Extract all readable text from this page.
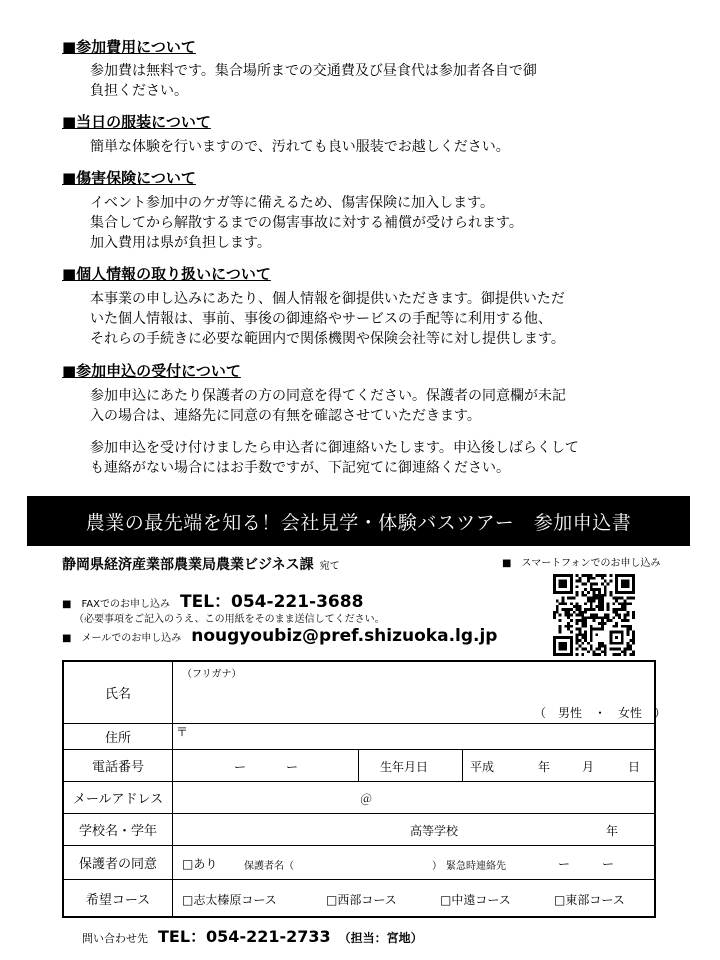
■参加費用について
参加費は無料です。集合場所までの交通費及び昼食代は参加者各自で御
負担ください。
■当日の服装について
簡単な体験を行いますので、汚れても良い服装でお越しください。
■傷害保険について
イベント参加中のケガ等に備えるため、傷害保険に加入します。
集合してから解散するまでの傷害事故に対する補償が受けられます。
加入費用は県が負担します。
■個人情報の取り扱いについて
本事業の申し込みにあたり、個人情報を御提供いただきます。御提供いただ
いた個人情報は、事前、事後の御連絡やサービスの手配等に利用する他、
それらの手続きに必要な範囲内で関係機関や保険会社等に対し提供します。
■参加申込の受付について
参加申込にあたり保護者の方の同意を得てください。保護者の同意欄が未記
入の場合は、連絡先に同意の有無を確認させていただきます。
参加申込を受け付けましたら申込者に御連絡いたします。申込後しばらくして
も連絡がない場合にはお手数ですが、下記宛てに御連絡ください。
農業の最先端を知る！会社見学・体験バスツアー　参加申込書
静岡県経済産業部農業局農業ビジネス課 宛て	■　スマートフォンでのお申し込み
■　FAXでのお申し込み TEL：054-221-3688
（必要事項をご記入のうえ、この用紙をそのまま送信してください。
■　メールでのお申し込み nougyoubiz@pref.shizuoka.lg.jp
氏名
（フリガナ）
（　男性　・　女性　）
住所	〒
電話番号	ー	ー	生年月日	平成	年	月	日
メールアドレス	＠
学校名・学年	高等学校	年
保護者の同意	□あり	保護者名（	） 緊急時連絡先	ー	ー
希望コース	□志太榛原コース	□西部コース	□中遠コース	□東部コース
問い合わせ先 TEL：054-221-2733 （担当：宮地）
